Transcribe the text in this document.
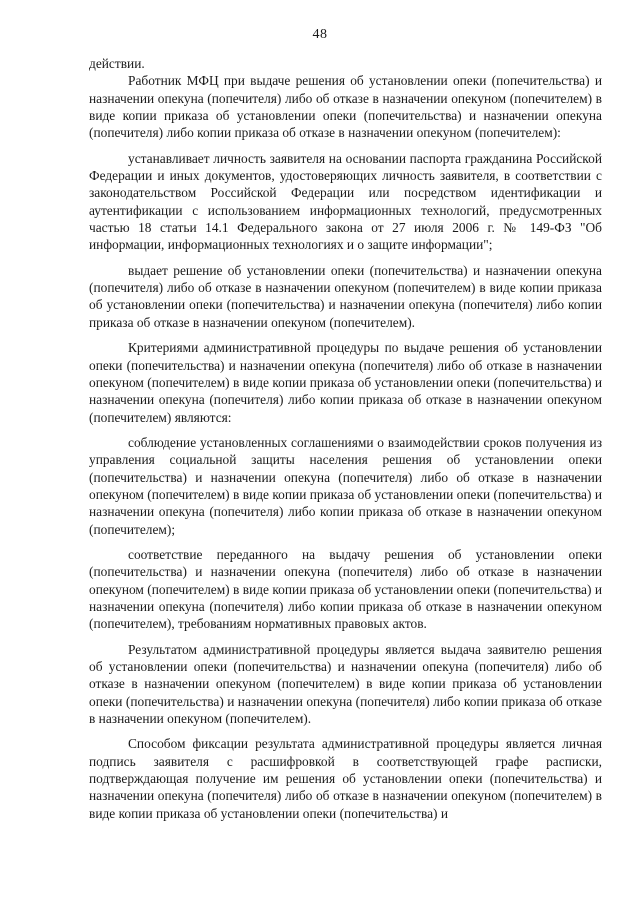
48

действии.

Работник МФЦ при выдаче решения об установлении опеки (попечительства) и назначении опекуна (попечителя) либо об отказе в назначении опекуном (попечителем) в виде копии приказа об установлении опеки (попечительства) и назначении опекуна (попечителя) либо копии приказа об отказе в назначении опекуном (попечителем):

устанавливает личность заявителя на основании паспорта гражданина Российской Федерации и иных документов, удостоверяющих личность заявителя, в соответствии с законодательством Российской Федерации или посредством идентификации и аутентификации с использованием информационных технологий, предусмотренных частью 18 статьи 14.1 Федерального закона от 27 июля 2006 г. № 149-ФЗ "Об информации, информационных технологиях и о защите информации";

выдает решение об установлении опеки (попечительства) и назначении опекуна (попечителя) либо об отказе в назначении опекуном (попечителем) в виде копии приказа об установлении опеки (попечительства) и назначении опекуна (попечителя) либо копии приказа об отказе в назначении опекуном (попечителем).

Критериями административной процедуры по выдаче решения об установлении опеки (попечительства) и назначении опекуна (попечителя) либо об отказе в назначении опекуном (попечителем) в виде копии приказа об установлении опеки (попечительства) и назначении опекуна (попечителя) либо копии приказа об отказе в назначении опекуном (попечителем) являются:

соблюдение установленных соглашениями о взаимодействии сроков получения из управления социальной защиты населения решения об установлении опеки (попечительства) и назначении опекуна (попечителя) либо об отказе в назначении опекуном (попечителем) в виде копии приказа об установлении опеки (попечительства) и назначении опекуна (попечителя) либо копии приказа об отказе в назначении опекуном (попечителем);

соответствие переданного на выдачу решения об установлении опеки (попечительства) и назначении опекуна (попечителя) либо об отказе в назначении опекуном (попечителем) в виде копии приказа об установлении опеки (попечительства) и назначении опекуна (попечителя) либо копии приказа об отказе в назначении опекуном (попечителем), требованиям нормативных правовых актов.

Результатом административной процедуры является выдача заявителю решения об установлении опеки (попечительства) и назначении опекуна (попечителя) либо об отказе в назначении опекуном (попечителем) в виде копии приказа об установлении опеки (попечительства) и назначении опекуна (попечителя) либо копии приказа об отказе в назначении опекуном (попечителем).

Способом фиксации результата административной процедуры является личная подпись заявителя с расшифровкой в соответствующей графе расписки, подтверждающая получение им решения об установлении опеки (попечительства) и назначении опекуна (попечителя) либо об отказе в назначении опекуном (попечителем) в виде копии приказа об установлении опеки (попечительства) и
